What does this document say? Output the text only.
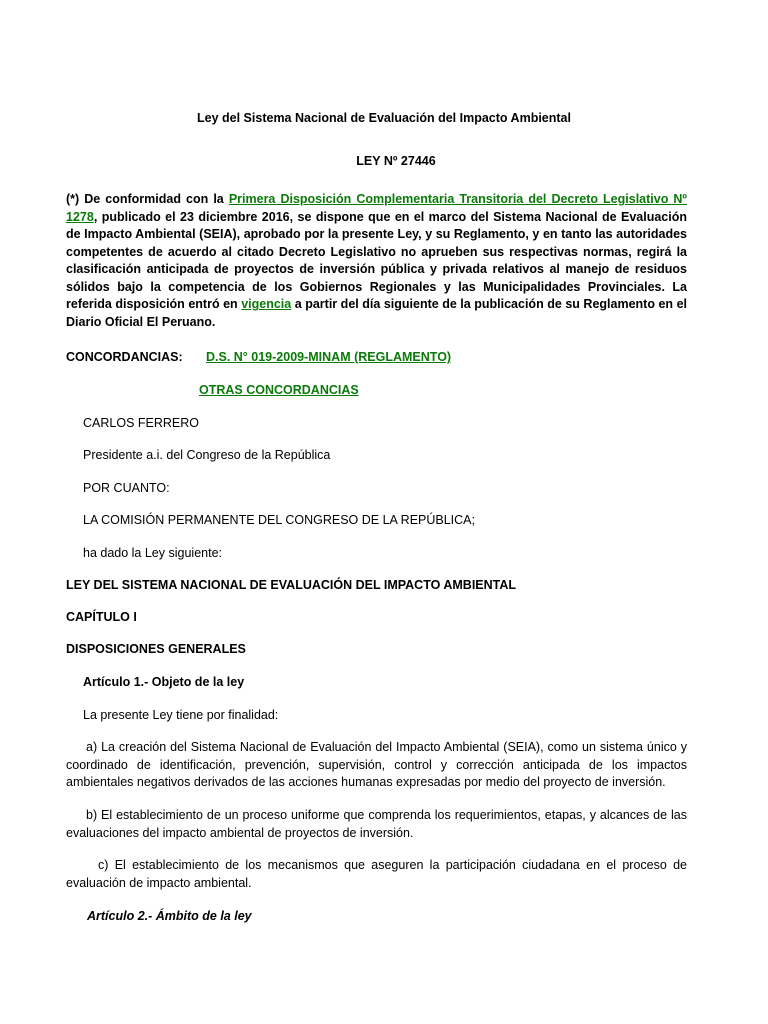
Ley del Sistema Nacional de Evaluación del Impacto Ambiental
LEY Nº 27446
(*) De conformidad con la Primera Disposición Complementaria Transitoria del Decreto Legislativo Nº 1278, publicado el 23 diciembre 2016, se dispone que en el marco del Sistema Nacional de Evaluación de Impacto Ambiental (SEIA), aprobado por la presente Ley, y su Reglamento, y en tanto las autoridades competentes de acuerdo al citado Decreto Legislativo no aprueben sus respectivas normas, regirá la clasificación anticipada de proyectos de inversión pública y privada relativos al manejo de residuos sólidos bajo la competencia de los Gobiernos Regionales y las Municipalidades Provinciales. La referida disposición entró en vigencia a partir del día siguiente de la publicación de su Reglamento en el Diario Oficial El Peruano.
CONCORDANCIAS: D.S. N° 019-2009-MINAM (REGLAMENTO)
OTRAS CONCORDANCIAS
CARLOS FERRERO
Presidente a.i. del Congreso de la República
POR CUANTO:
LA COMISIÓN PERMANENTE DEL CONGRESO DE LA REPÚBLICA;
ha dado la Ley siguiente:
LEY DEL SISTEMA NACIONAL DE EVALUACIÓN DEL IMPACTO AMBIENTAL
CAPÍTULO I
DISPOSICIONES GENERALES
Artículo 1.- Objeto de la ley
La presente Ley tiene por finalidad:
a) La creación del Sistema Nacional de Evaluación del Impacto Ambiental (SEIA), como un sistema único y coordinado de identificación, prevención, supervisión, control y corrección anticipada de los impactos ambientales negativos derivados de las acciones humanas expresadas por medio del proyecto de inversión.
b) El establecimiento de un proceso uniforme que comprenda los requerimientos, etapas, y alcances de las evaluaciones del impacto ambiental de proyectos de inversión.
c) El establecimiento de los mecanismos que aseguren la participación ciudadana en el proceso de evaluación de impacto ambiental.
Artículo 2.- Ámbito de la ley
